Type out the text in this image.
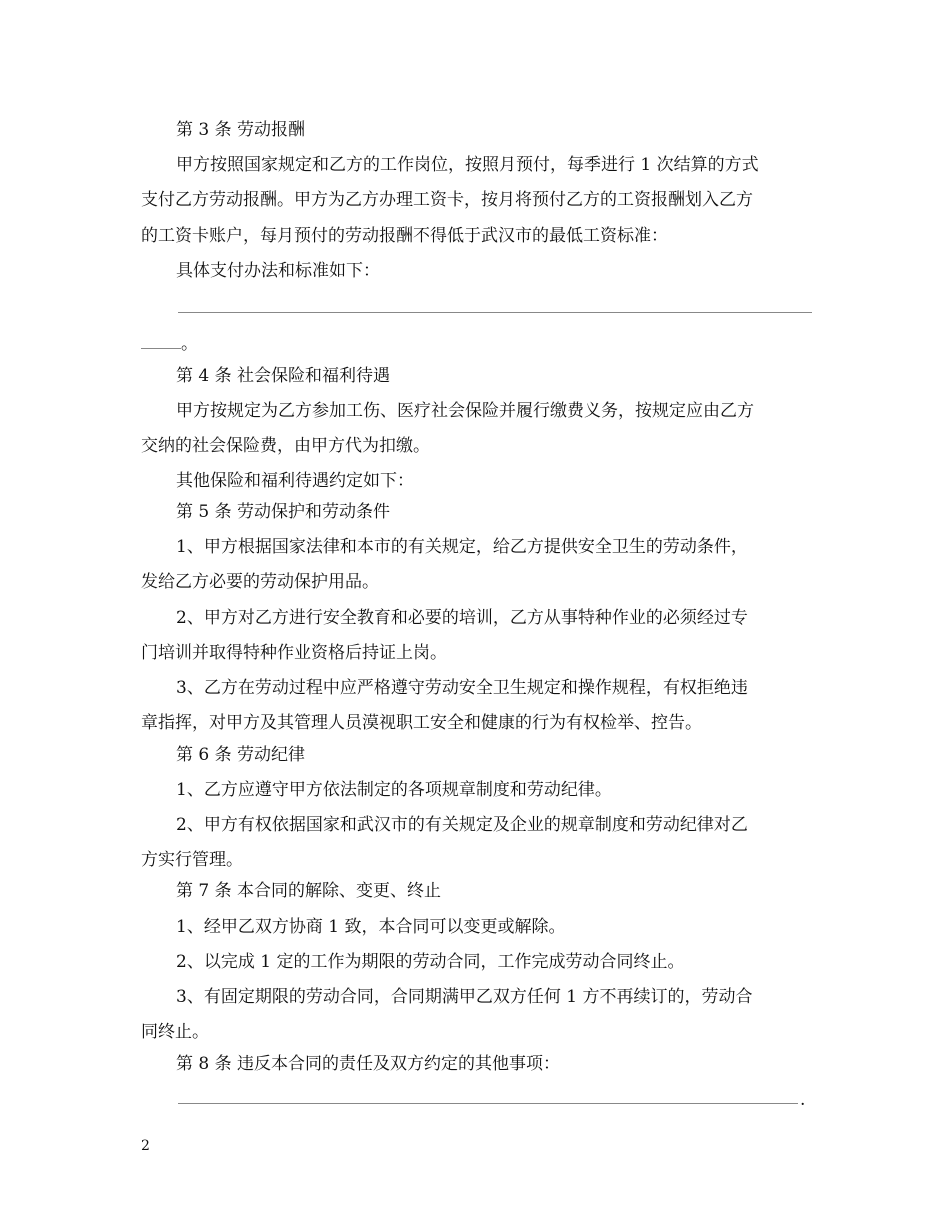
第 3 条 劳动报酬
甲方按照国家规定和乙方的工作岗位，按照月预付，每季进行 1 次结算的方式
支付乙方劳动报酬。甲方为乙方办理工资卡，按月将预付乙方的工资报酬划入乙方
的工资卡账户，每月预付的劳动报酬不得低于武汉市的最低工资标准：
具体支付办法和标准如下：
。
第 4 条 社会保险和福利待遇
甲方按规定为乙方参加工伤、医疗社会保险并履行缴费义务，按规定应由乙方
交纳的社会保险费，由甲方代为扣缴。
其他保险和福利待遇约定如下：
第 5 条 劳动保护和劳动条件
1、甲方根据国家法律和本市的有关规定，给乙方提供安全卫生的劳动条件，
发给乙方必要的劳动保护用品。
2、甲方对乙方进行安全教育和必要的培训，乙方从事特种作业的必须经过专
门培训并取得特种作业资格后持证上岗。
3、乙方在劳动过程中应严格遵守劳动安全卫生规定和操作规程，有权拒绝违
章指挥，对甲方及其管理人员漠视职工安全和健康的行为有权检举、控告。
第 6 条 劳动纪律
1、乙方应遵守甲方依法制定的各项规章制度和劳动纪律。
2、甲方有权依据国家和武汉市的有关规定及企业的规章制度和劳动纪律对乙
方实行管理。
第 7 条 本合同的解除、变更、终止
1、经甲乙双方协商 1 致，本合同可以变更或解除。
2、以完成 1 定的工作为期限的劳动合同，工作完成劳动合同终止。
3、有固定期限的劳动合同，合同期满甲乙双方任何 1 方不再续订的，劳动合
同终止。
第 8 条 违反本合同的责任及双方约定的其他事项：
.
2
